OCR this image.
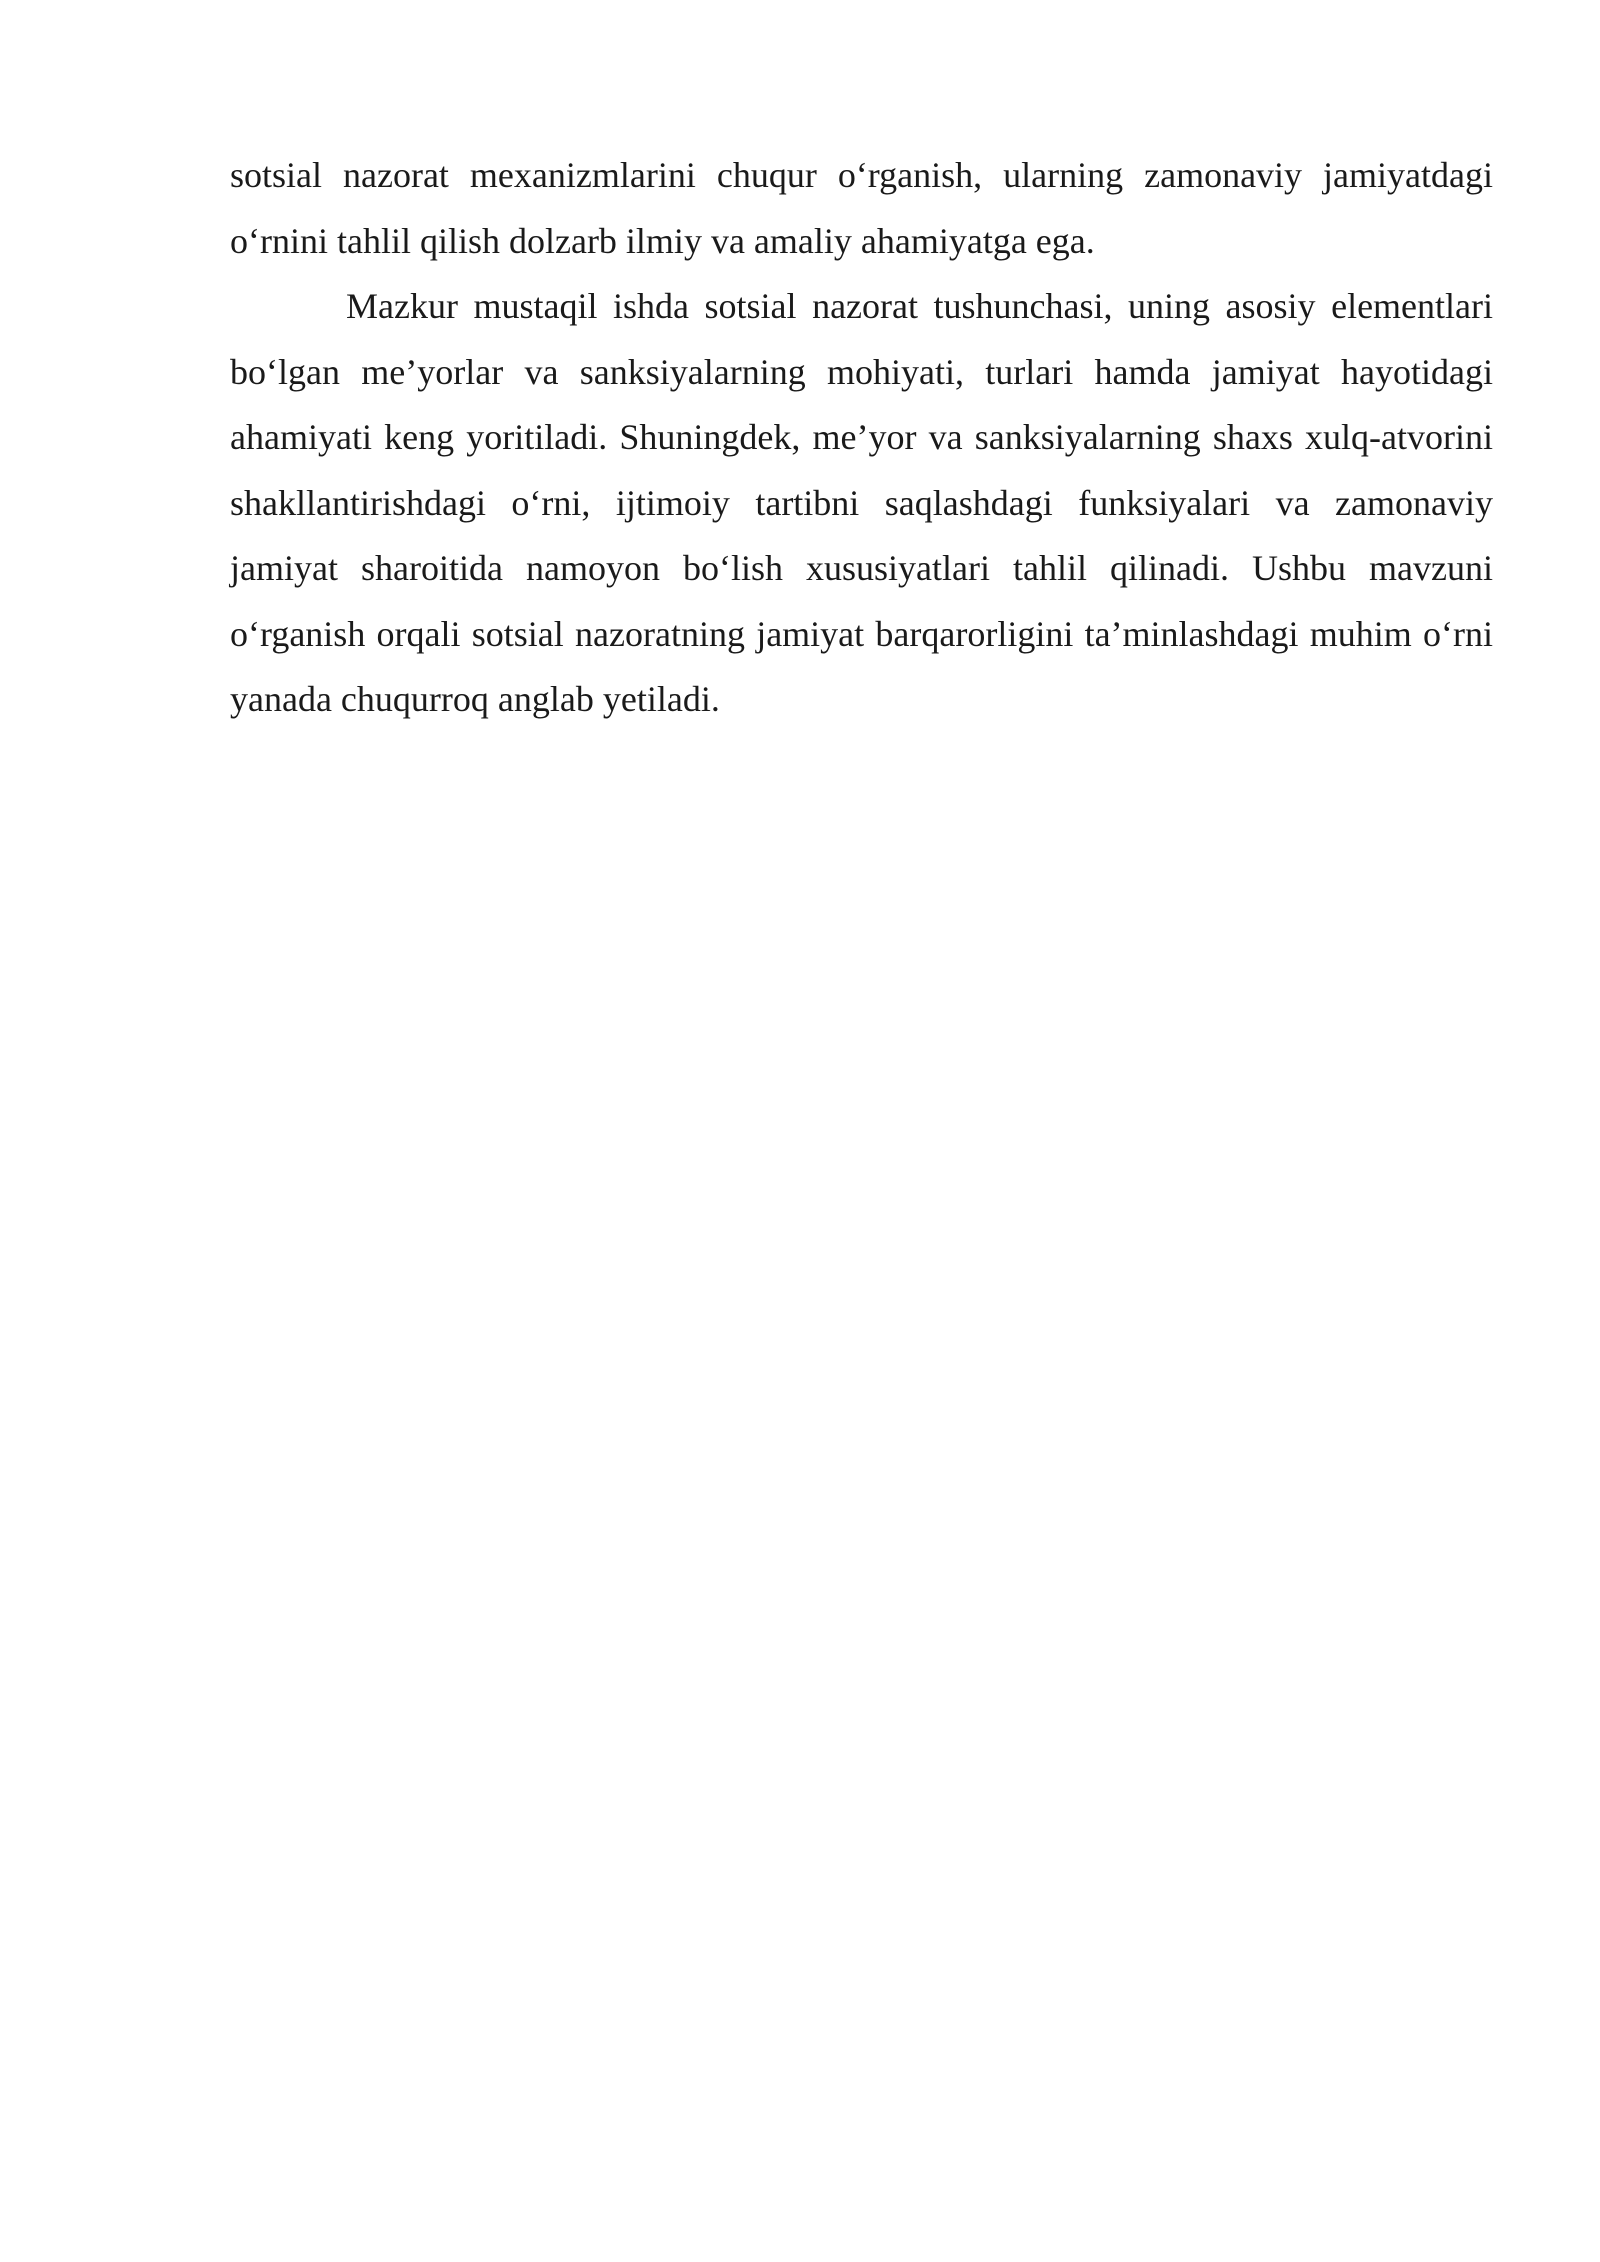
sotsial nazorat mexanizmlarini chuqur o‘rganish, ularning zamonaviy jamiyatdagi o‘rnini tahlil qilish dolzarb ilmiy va amaliy ahamiyatga ega.

Mazkur mustaqil ishda sotsial nazorat tushunchasi, uning asosiy elementlari bo‘lgan me’yorlar va sanksiyalarning mohiyati, turlari hamda jamiyat hayotidagi ahamiyati keng yoritiladi. Shuningdek, me’yor va sanksiyalarning shaxs xulq-atvorini shakllantirishdagi o‘rni, ijtimoiy tartibni saqlashdagi funksiyalari va zamonaviy jamiyat sharoitida namoyon bo‘lish xususiyatlari tahlil qilinadi. Ushbu mavzuni o‘rganish orqali sotsial nazoratning jamiyat barqarorligini ta’minlashdagi muhim o‘rni yanada chuqurroq anglab yetiladi.
